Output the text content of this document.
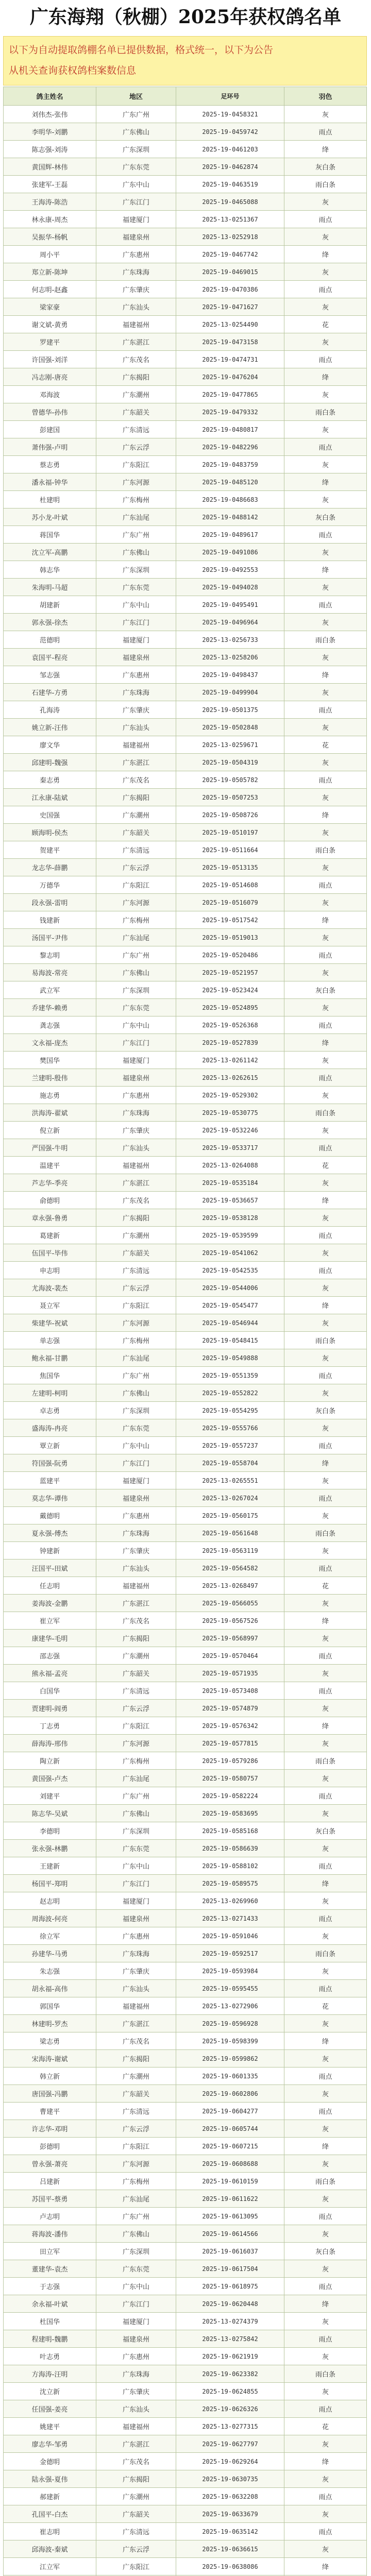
广东海翔（秋棚）2025年获权鸽名单
以下为自动提取鸽棚名单已提供数据，格式统一，以下为公告
从机关查询获权鸽档案数信息
鸽主姓名	地区	足环号	羽色
刘伟杰-张伟	广东广州	2025-19-0458321	灰
李明华-刘鹏	广东佛山	2025-19-0459742	雨点
陈志强-刘涛	广东深圳	2025-19-0461203	绛
黄国辉-林伟	广东东莞	2025-19-0462874	灰白条
张建军-王磊	广东中山	2025-19-0463519	雨白条
王海涛-陈浩	广东江门	2025-19-0465088	灰
林永康-周杰	福建厦门	2025-13-0251367	雨点
吴振华-杨帆	福建泉州	2025-13-0252918	灰
周小平	广东惠州	2025-19-0467742	绛
郑立新-陈坤	广东珠海	2025-19-0469015	灰
何志明-赵鑫	广东肇庆	2025-19-0470386	雨点
梁家豪	广东汕头	2025-19-0471627	灰
谢文斌-黄勇	福建福州	2025-13-0254490	花
罗建平	广东湛江	2025-19-0473158	灰
许国强-刘洋	广东茂名	2025-19-0474731	雨点
冯志刚-唐亮	广东揭阳	2025-19-0476204	绛
邓海波	广东潮州	2025-19-0477865	灰
曾德华-孙伟	广东韶关	2025-19-0479332	雨白条
彭建国	广东清远	2025-19-0480817	灰
萧伟强-卢明	广东云浮	2025-19-0482296	雨点
蔡志勇	广东阳江	2025-19-0483759	灰
潘永福-钟华	广东河源	2025-19-0485120	绛
杜建明	广东梅州	2025-19-0486683	灰
苏小龙-叶斌	广东汕尾	2025-19-0488142	灰白条
蒋国华	广东广州	2025-19-0489617	雨点
沈立军-高鹏	广东佛山	2025-19-0491086	灰
韩志华	广东深圳	2025-19-0492553	绛
朱海明-马超	广东东莞	2025-19-0494028	灰
胡建新	广东中山	2025-19-0495491	雨点
郭永强-徐杰	广东江门	2025-19-0496964	灰
范德明	福建厦门	2025-13-0256733	雨白条
袁国平-程亮	福建泉州	2025-13-0258206	灰
邹志强	广东惠州	2025-19-0498437	绛
石建华-方勇	广东珠海	2025-19-0499904	灰
孔海涛	广东肇庆	2025-19-0501375	雨点
姚立新-汪伟	广东汕头	2025-19-0502848	灰
廖文华	福建福州	2025-13-0259671	花
邱建明-魏强	广东湛江	2025-19-0504319	灰
秦志勇	广东茂名	2025-19-0505782	雨点
江永康-陆斌	广东揭阳	2025-19-0507253	灰
史国强	广东潮州	2025-19-0508726	绛
顾海明-侯杰	广东韶关	2025-19-0510197	灰
贺建平	广东清远	2025-19-0511664	雨白条
龙志华-薛鹏	广东云浮	2025-19-0513135	灰
万德华	广东阳江	2025-19-0514608	雨点
段永强-雷明	广东河源	2025-19-0516079	灰
钱建新	广东梅州	2025-19-0517542	绛
汤国平-尹伟	广东汕尾	2025-19-0519013	灰
黎志明	广东广州	2025-19-0520486	雨点
易海波-常亮	广东佛山	2025-19-0521957	灰
武立军	广东深圳	2025-19-0523424	灰白条
乔建华-赖勇	广东东莞	2025-19-0524895	灰
龚志强	广东中山	2025-19-0526368	雨点
文永福-庞杰	广东江门	2025-19-0527839	绛
樊国华	福建厦门	2025-13-0261142	灰
兰建明-殷伟	福建泉州	2025-13-0262615	雨点
施志勇	广东惠州	2025-19-0529302	灰
洪海涛-翟斌	广东珠海	2025-19-0530775	雨白条
倪立新	广东肇庆	2025-19-0532246	灰
严国强-牛明	广东汕头	2025-19-0533717	雨点
温建平	福建福州	2025-13-0264088	花
芦志华-季亮	广东湛江	2025-19-0535184	灰
俞德明	广东茂名	2025-19-0536657	绛
章永强-鲁勇	广东揭阳	2025-19-0538128	灰
葛建新	广东潮州	2025-19-0539599	雨点
伍国平-毕伟	广东韶关	2025-19-0541062	灰
申志明	广东清远	2025-19-0542535	雨点
尤海波-裴杰	广东云浮	2025-19-0544006	灰
聂立军	广东阳江	2025-19-0545477	绛
柴建华-祝斌	广东河源	2025-19-0546944	灰
单志强	广东梅州	2025-19-0548415	雨白条
鲍永福-甘鹏	广东汕尾	2025-19-0549888	灰
焦国华	广东广州	2025-19-0551359	雨点
左建明-柯明	广东佛山	2025-19-0552822	灰
卓志勇	广东深圳	2025-19-0554295	灰白条
盛海涛-冉亮	广东东莞	2025-19-0555766	灰
覃立新	广东中山	2025-19-0557237	雨点
符国强-阮勇	广东江门	2025-19-0558704	绛
蓝建平	福建厦门	2025-13-0265551	灰
莫志华-谭伟	福建泉州	2025-13-0267024	雨点
戴德明	广东惠州	2025-19-0560175	灰
夏永强-傅杰	广东珠海	2025-19-0561648	雨白条
钟建新	广东肇庆	2025-19-0563119	灰
汪国平-田斌	广东汕头	2025-19-0564582	雨点
任志明	福建福州	2025-13-0268497	花
姜海波-金鹏	广东湛江	2025-19-0566055	灰
崔立军	广东茂名	2025-19-0567526	绛
康建华-毛明	广东揭阳	2025-19-0568997	灰
邵志强	广东潮州	2025-19-0570464	雨点
熊永福-孟亮	广东韶关	2025-19-0571935	灰
白国华	广东清远	2025-19-0573408	雨点
贾建明-阎勇	广东云浮	2025-19-0574879	灰
丁志勇	广东阳江	2025-19-0576342	绛
薛海涛-邢伟	广东河源	2025-19-0577815	灰
陶立新	广东梅州	2025-19-0579286	雨白条
黄国强-卢杰	广东汕尾	2025-19-0580757	灰
刘建平	广东广州	2025-19-0582224	雨点
陈志华-吴斌	广东佛山	2025-19-0583695	灰
李德明	广东深圳	2025-19-0585168	灰白条
张永强-林鹏	广东东莞	2025-19-0586639	灰
王建新	广东中山	2025-19-0588102	雨点
杨国平-郑明	广东江门	2025-19-0589575	绛
赵志明	福建厦门	2025-13-0269960	灰
周海波-何亮	福建泉州	2025-13-0271433	雨点
徐立军	广东惠州	2025-19-0591046	灰
孙建华-马勇	广东珠海	2025-19-0592517	雨白条
朱志强	广东肇庆	2025-19-0593984	灰
胡永福-高伟	广东汕头	2025-19-0595455	雨点
郭国华	福建福州	2025-13-0272906	花
林建明-罗杰	广东湛江	2025-19-0596928	灰
梁志勇	广东茂名	2025-19-0598399	绛
宋海涛-谢斌	广东揭阳	2025-19-0599862	灰
韩立新	广东潮州	2025-19-0601335	雨点
唐国强-冯鹏	广东韶关	2025-19-0602806	灰
曹建平	广东清远	2025-19-0604277	雨点
许志华-邓明	广东云浮	2025-19-0605744	灰
彭德明	广东阳江	2025-19-0607215	绛
曾永强-萧亮	广东河源	2025-19-0608688	灰
吕建新	广东梅州	2025-19-0610159	雨白条
苏国平-蔡勇	广东汕尾	2025-19-0611622	灰
卢志明	广东广州	2025-19-0613095	雨点
蒋海波-潘伟	广东佛山	2025-19-0614566	灰
田立军	广东深圳	2025-19-0616037	灰白条
董建华-袁杰	广东东莞	2025-19-0617504	灰
于志强	广东中山	2025-19-0618975	雨点
余永福-叶斌	广东江门	2025-19-0620448	绛
杜国华	福建厦门	2025-13-0274379	灰
程建明-魏鹏	福建泉州	2025-13-0275842	雨点
叶志勇	广东惠州	2025-19-0621919	灰
方海涛-汪明	广东珠海	2025-19-0623382	雨白条
沈立新	广东肇庆	2025-19-0624855	灰
任国强-姜亮	广东汕头	2025-19-0626326	雨点
姚建平	福建福州	2025-13-0277315	花
廖志华-邹勇	广东湛江	2025-19-0627797	灰
金德明	广东茂名	2025-19-0629264	绛
陆永强-夏伟	广东揭阳	2025-19-0630735	灰
郝建新	广东潮州	2025-19-0632208	雨点
孔国平-白杰	广东韶关	2025-19-0633679	灰
崔志明	广东清远	2025-19-0635142	雨点
邱海波-秦斌	广东云浮	2025-19-0636615	灰
江立军	广东阳江	2025-19-0638086	绛
